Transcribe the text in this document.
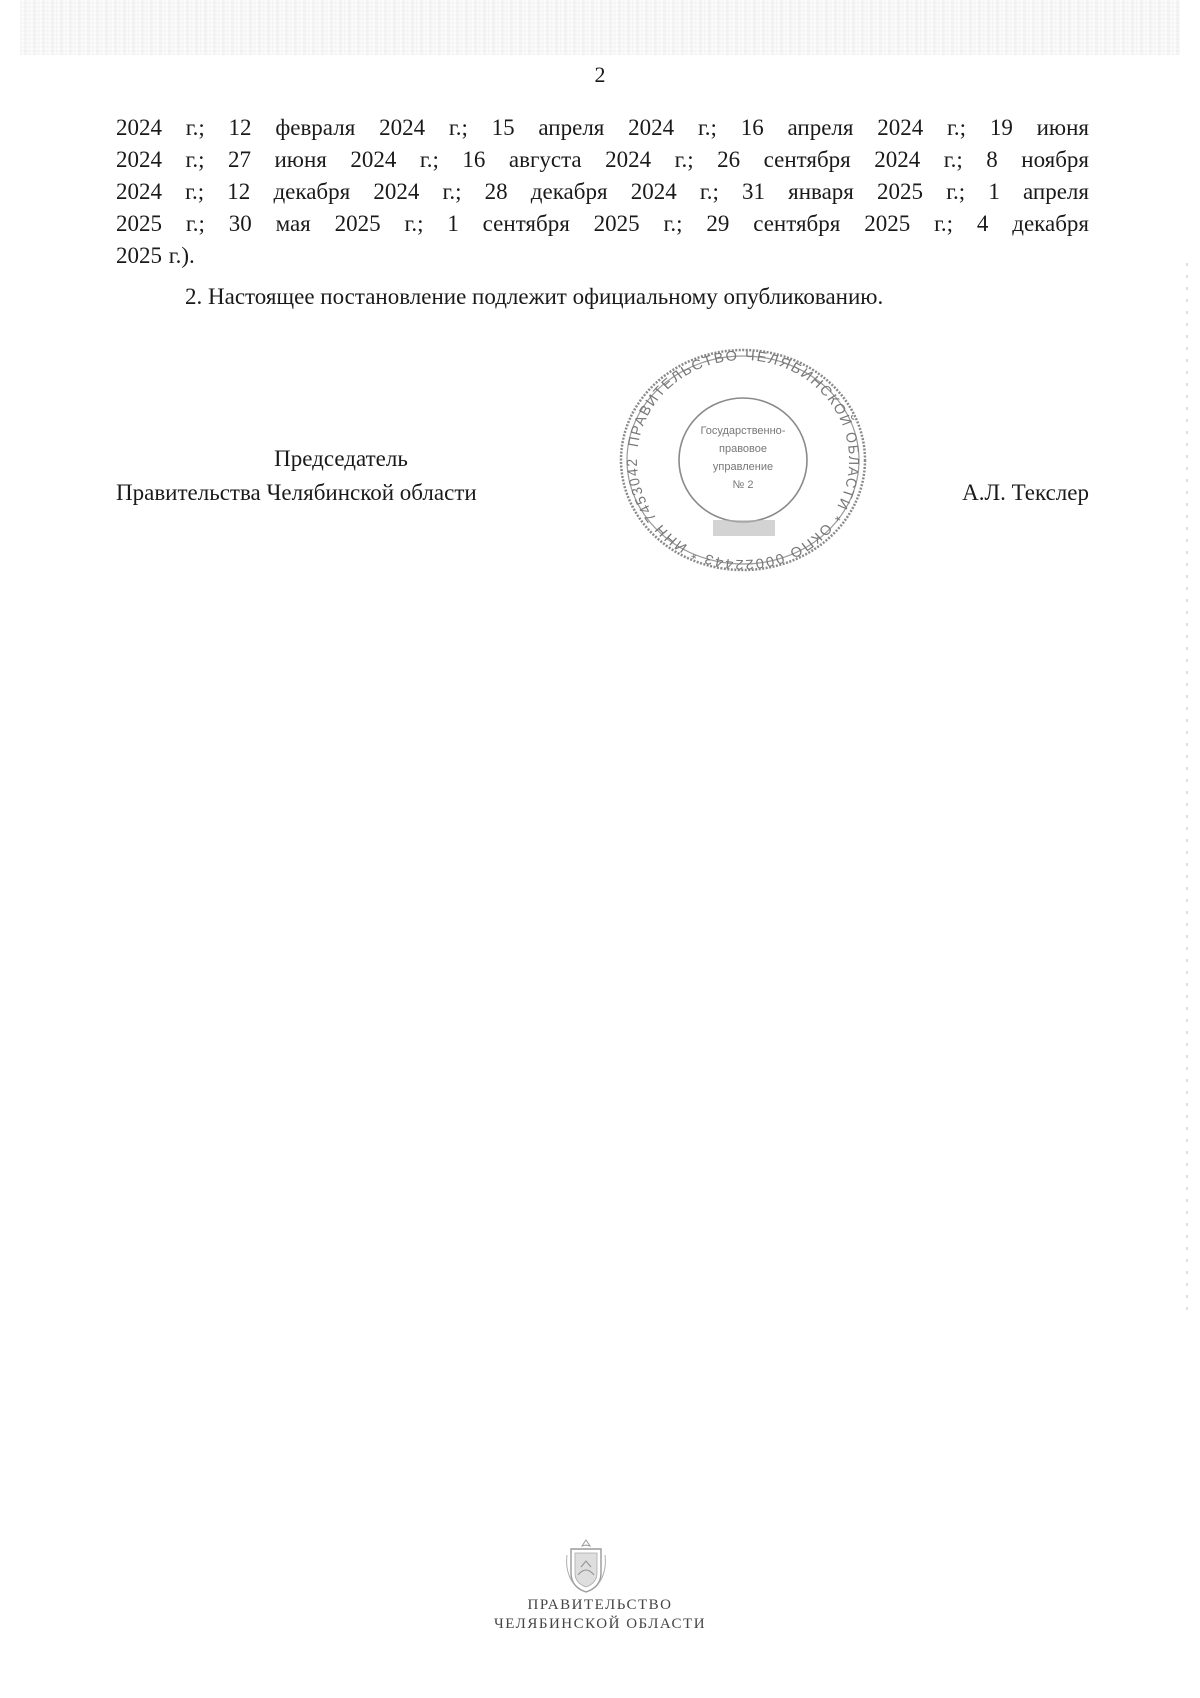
2
2024 г.; 12 февраля 2024 г.; 15 апреля 2024 г.; 16 апреля 2024 г.; 19 июня
2024 г.; 27 июня 2024 г.; 16 августа 2024 г.; 26 сентября 2024 г.; 8 ноября
2024 г.; 12 декабря 2024 г.; 28 декабря 2024 г.; 31 января 2025 г.; 1 апреля
2025 г.; 30 мая 2025 г.; 1 сентября 2025 г.; 29 сентября 2025 г.; 4 декабря
2025 г.).
2. Настоящее постановление подлежит официальному опубликованию.
Председатель
Правительства Челябинской области	А.Л. Текслер
ПРАВИТЕЛЬСТВО ЧЕЛЯБИНСКОЙ ОБЛАСТИ * ОКПО 00022443 * ИНН 7453042
Государственно-
правовое
управление
№ 2
ПРАВИТЕЛЬСТВО
ЧЕЛЯБИНСКОЙ ОБЛАСТИ
